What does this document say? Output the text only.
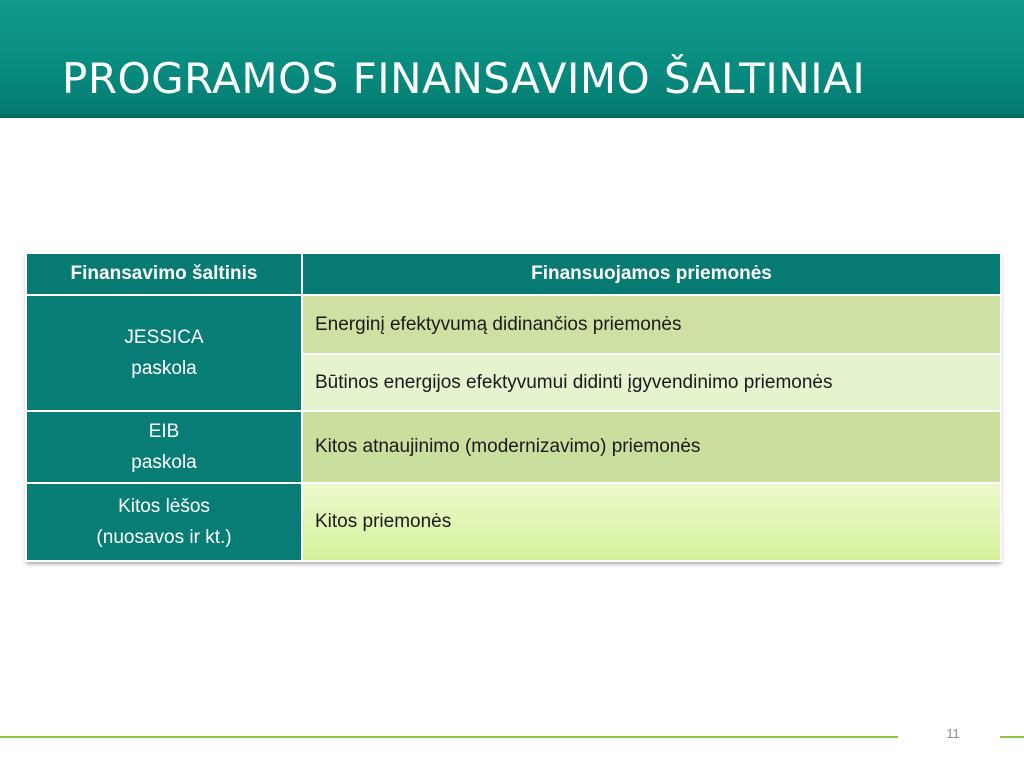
PROGRAMOS FINANSAVIMO ŠALTINIAI
Finansavimo šaltinis	Finansuojamos priemonės

JESSICA
paskola	Energinį efektyvumą didinančios priemonės
	Būtinos energijos efektyvumui didinti įgyvendinimo priemonės

EIB
paskola	Kitos atnaujinimo (modernizavimo) priemonės

Kitos lėšos
(nuosavos ir kt.)	Kitos priemonės
11
